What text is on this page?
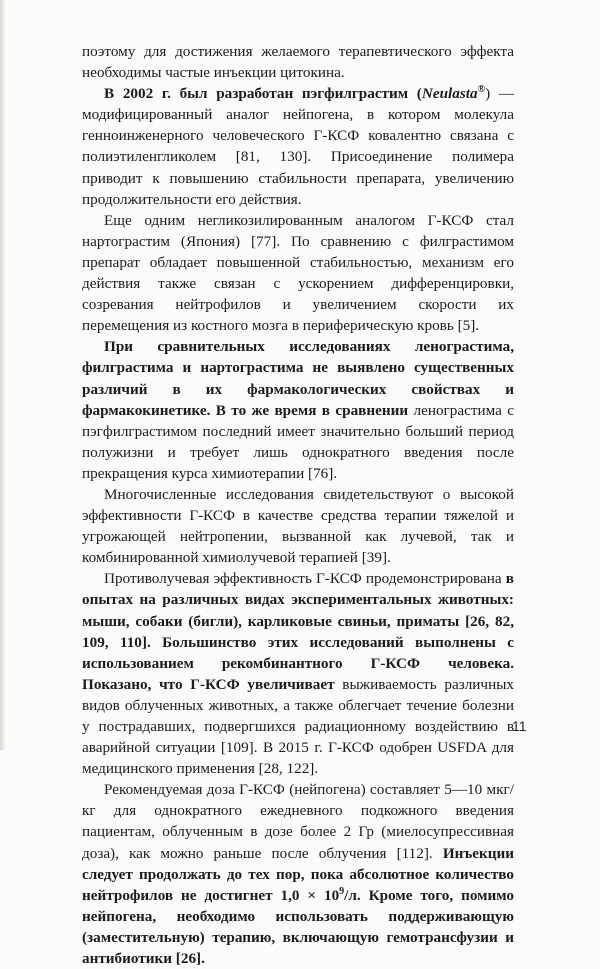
поэтому для достижения желаемого терапевтического эффекта необходимы частые инъекции цитокина.

В 2002 г. был разработан пэгфилграстим (Neulasta®) — модифицированный аналог нейпогена, в котором молекула генноинженерного человеческого Г-КСФ ковалентно связана с полиэтиленгликолем [81, 130]. Присоединение полимера приводит к повышению стабильности препарата, увеличению продолжительности его действия.

Еще одним негликозилированным аналогом Г-КСФ стал нартограстим (Япония) [77]. По сравнению с филграстимом препарат обладает повышенной стабильностью, механизм его действия также связан с ускорением дифференцировки, созревания нейтрофилов и увеличением скорости их перемещения из костного мозга в периферическую кровь [5].

При сравнительных исследованиях ленограстима, филграстима и нартограстима не выявлено существенных различий в их фармакологических свойствах и фармакокинетике. В то же время в сравнении ленограстима с пэгфилграстимом последний имеет значительно больший период полужизни и требует лишь однократного введения после прекращения курса химиотерапии [76].

Многочисленные исследования свидетельствуют о высокой эффективности Г-КСФ в качестве средства терапии тяжелой и угрожающей нейтропении, вызванной как лучевой, так и комбинированной химиолучевой терапией [39].

Противолучевая эффективность Г-КСФ продемонстрирована в опытах на различных видах экспериментальных животных: мыши, собаки (бигли), карликовые свиньи, приматы [26, 82, 109, 110]. Большинство этих исследований выполнены с использованием рекомбинантного Г-КСФ человека. Показано, что Г-КСФ увеличивает выживаемость различных видов облученных животных, а также облегчает течение болезни у пострадавших, подвергшихся радиационному воздействию в аварийной ситуации [109]. В 2015 г. Г-КСФ одобрен USFDA для медицинского применения [28, 122].

Рекомендуемая доза Г-КСФ (нейпогена) составляет 5—10 мкг/кг для однократного ежедневного подкожного введения пациентам, облученным в дозе более 2 Гр (миелосупрессивная доза), как можно раньше после облучения [112]. Инъекции следует продолжать до тех пор, пока абсолютное количество нейтрофилов не достигнет $1,0 \times 10^9/л$. Кроме того, помимо нейпогена, необходимо использовать поддерживающую (заместительную) терапию, включающую гемотрансфузии и антибиотики [26].

11
